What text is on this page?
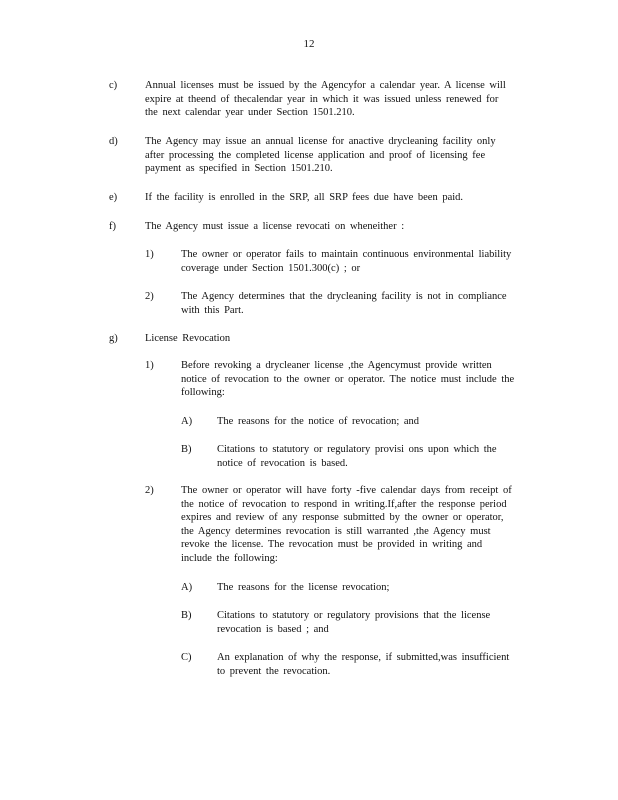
12
c)	Annual licenses must be issued by the Agencyfor a calendar year. A license will
expire at theend of thecalendar year in which it was issued unless renewed for
the next calendar year under Section 1501.210.
d)	The Agency may issue an annual license for anactive drycleaning facility only
after processing the completed license application and proof of licensing fee
payment as specified in Section 1501.210.
e)	If the facility is enrolled in the SRP, all SRP fees due have been paid.
f)	The Agency must issue a license revocati on wheneither :
1)	The owner or operator fails to maintain continuous environmental liability
coverage under Section 1501.300(c) ; or
2)	The Agency determines that the drycleaning facility is not in compliance
with this Part.
g)	License Revocation
1)	Before revoking a drycleaner license ,the Agencymust provide written
notice of revocation to the owner or operator. The notice must include the
following:
A) The reasons for the notice of revocation; and
B) Citations to statutory or regulatory provisi ons upon which the
notice of revocation is based.
2)	The owner or operator will have forty -five calendar days from receipt of
the notice of revocation to respond in writing.If,after the response period
expires and review of any response submitted by the owner or operator,
the Agency determines revocation is still warranted ,the Agency must
revoke the license. The revocation must be provided in writing and
include the following:
A) The reasons for the license revocation;
B) Citations to statutory or regulatory provisions that the license
revocation is based ; and
C) An explanation of why the response, if submitted,was insufficient
to prevent the revocation.
